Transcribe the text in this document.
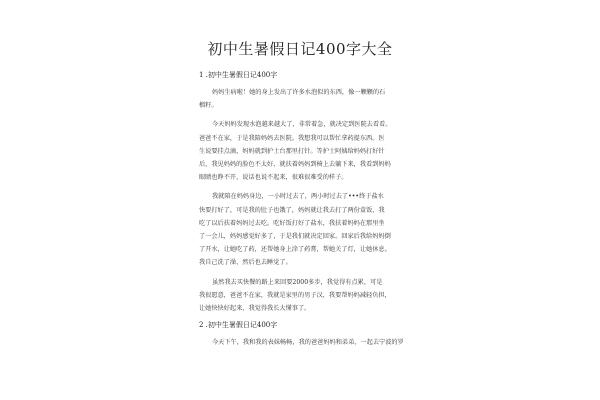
初中生暑假日记400字大全
1 .初中生暑假日记400字
妈妈生病啦！她的身上发出了许多水泡似的东西，像一颗颗的石
榴籽。
今天妈妈发现水泡越来越大了，非常着急，就决定到医院去看看。
爸爸不在家，于是我陪妈妈去医院。我想我可以帮忙拿药提东西。医
生说要挂点滴，妈妈就到护士台那里打针。等护士阿姨给妈妈打好针
后，我见妈妈的脸色不太好，就扶着妈妈到椅上去躺下来，我看到妈妈
眼睛也睁不开，说话也说不起来，很难很难受的样子。
我就陪在妈妈身边，一小时过去了，两小时过去了•••终于盐水
快要打好了，可是我的肚子也饿了，妈妈就让我去打了两份盒饭，我
吃了以后扶着妈妈过去吃。吃好饭打好了盐水，我扶着妈妈在那里坐
了一会儿，妈妈感觉好多了，于是我们就决定回家。回家后我给妈妈倒
了开水，让她吃了药，还帮她身上涂了药膏，帮她关了灯，让她休息。
我自己洗了澡，然后也去睡觉了。
虽然我去买快餐的路上来回要2000多步，我觉得有点累，可是
我很愿意，爸爸不在家，我就是家里的男子汉，我要帮妈妈减轻负担，
让她快快好起来，我觉得我长大懂事了。
2 .初中生暑假日记400字
今天下午，我和我的表妹畅畅，我的爸爸妈妈和弟弟，一起去宁波的罗
